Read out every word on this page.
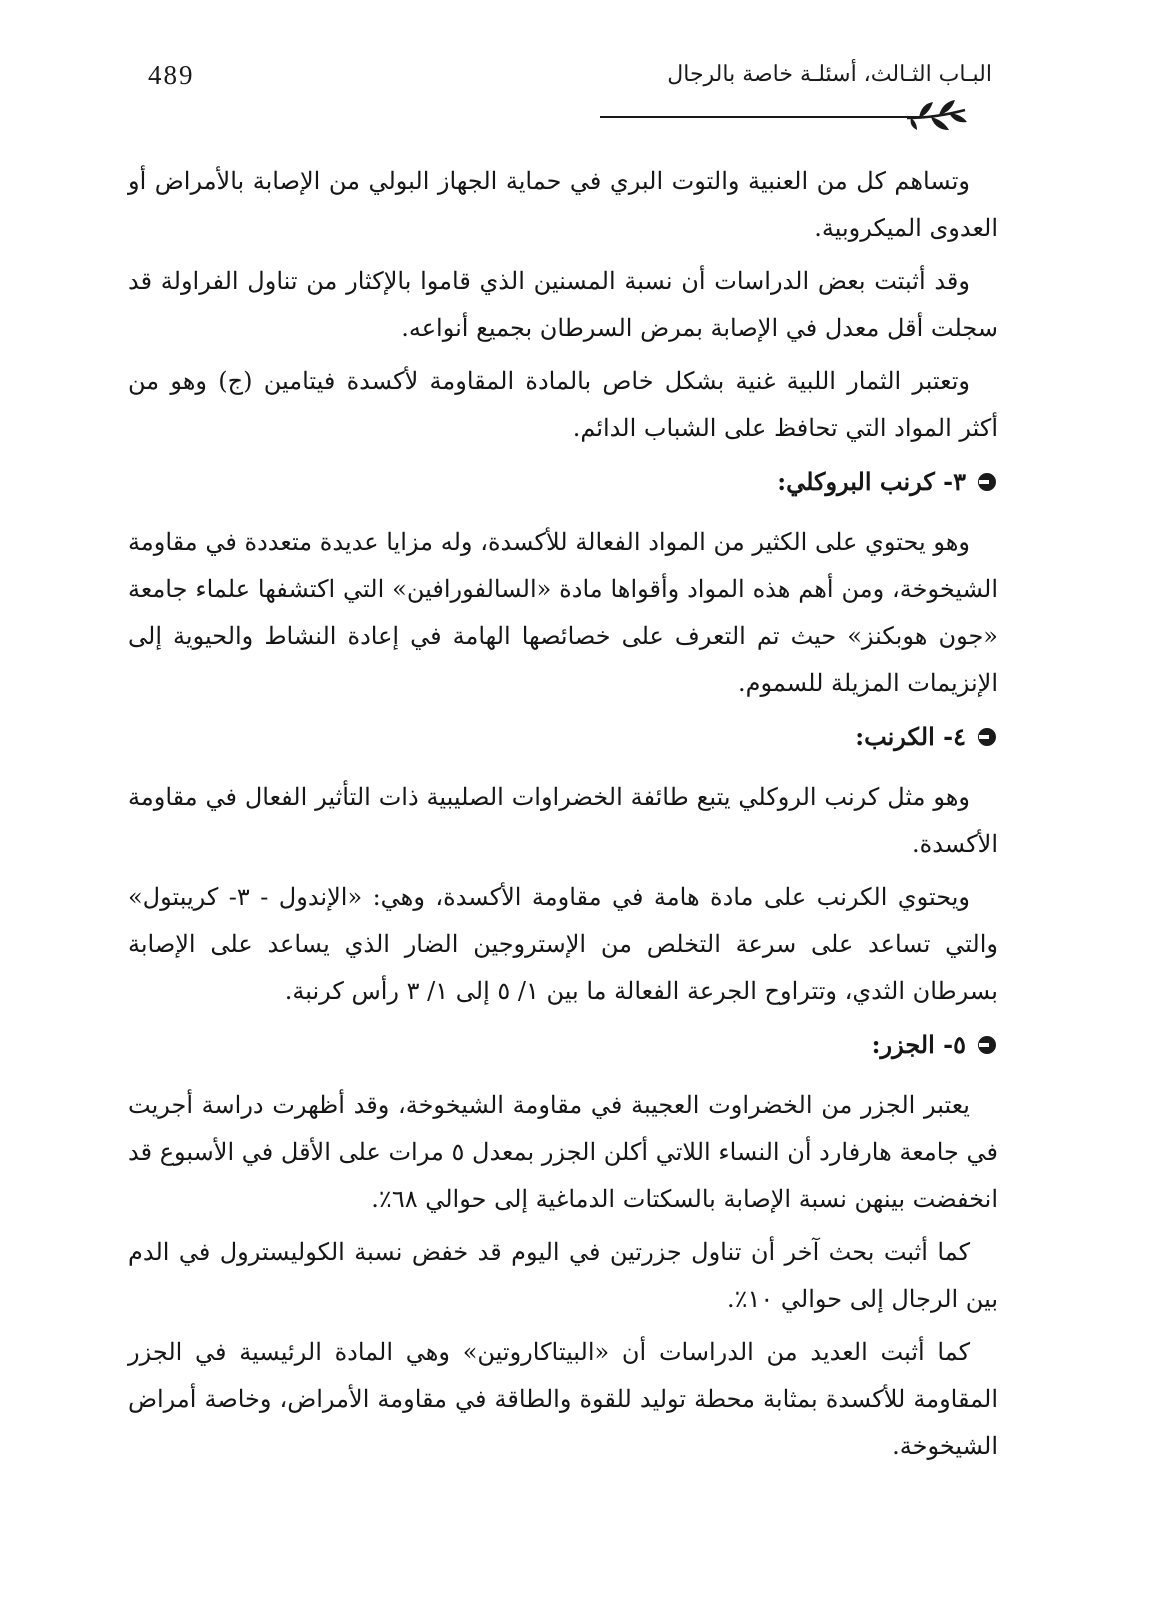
489	البـاب الثـالث، أسئلـة خاصة بالرجال

وتساهم كل من العنبية والتوت البري في حماية الجهاز البولي من الإصابة بالأمراض أو العدوى الميكروبية.

وقد أثبتت بعض الدراسات أن نسبة المسنين الذي قاموا بالإكثار من تناول الفراولة قد سجلت أقل معدل في الإصابة بمرض السرطان بجميع أنواعه.

وتعتبر الثمار اللبية غنية بشكل خاص بالمادة المقاومة لأكسدة فيتامين (ج) وهو من أكثر المواد التي تحافظ على الشباب الدائم.

٣- كرنب البروكلي:

وهو يحتوي على الكثير من المواد الفعالة للأكسدة، وله مزايا عديدة متعددة في مقاومة الشيخوخة، ومن أهم هذه المواد وأقواها مادة «السالفورافين» التي اكتشفها علماء جامعة «جون هوبكنز» حيث تم التعرف على خصائصها الهامة في إعادة النشاط والحيوية إلى الإنزيمات المزيلة للسموم.

٤- الكرنب:

وهو مثل كرنب الروكلي يتبع طائفة الخضراوات الصليبية ذات التأثير الفعال في مقاومة الأكسدة.

ويحتوي الكرنب على مادة هامة في مقاومة الأكسدة، وهي: «الإندول - ٣- كريبتول» والتي تساعد على سرعة التخلص من الإستروجين الضار الذي يساعد على الإصابة بسرطان الثدي، وتتراوح الجرعة الفعالة ما بين ١/ ٥ إلى ١/ ٣ رأس كرنبة.

٥- الجزر:

يعتبر الجزر من الخضراوت العجيبة في مقاومة الشيخوخة، وقد أظهرت دراسة أجريت في جامعة هارفارد أن النساء اللاتي أكلن الجزر بمعدل ٥ مرات على الأقل في الأسبوع قد انخفضت بينهن نسبة الإصابة بالسكتات الدماغية إلى حوالي ٦٨٪.

كما أثبت بحث آخر أن تناول جزرتين في اليوم قد خفض نسبة الكوليسترول في الدم بين الرجال إلى حوالي ١٠٪.

كما أثبت العديد من الدراسات أن «البيتاكاروتين» وهي المادة الرئيسية في الجزر المقاومة للأكسدة بمثابة محطة توليد للقوة والطاقة في مقاومة الأمراض، وخاصة أمراض الشيخوخة.
